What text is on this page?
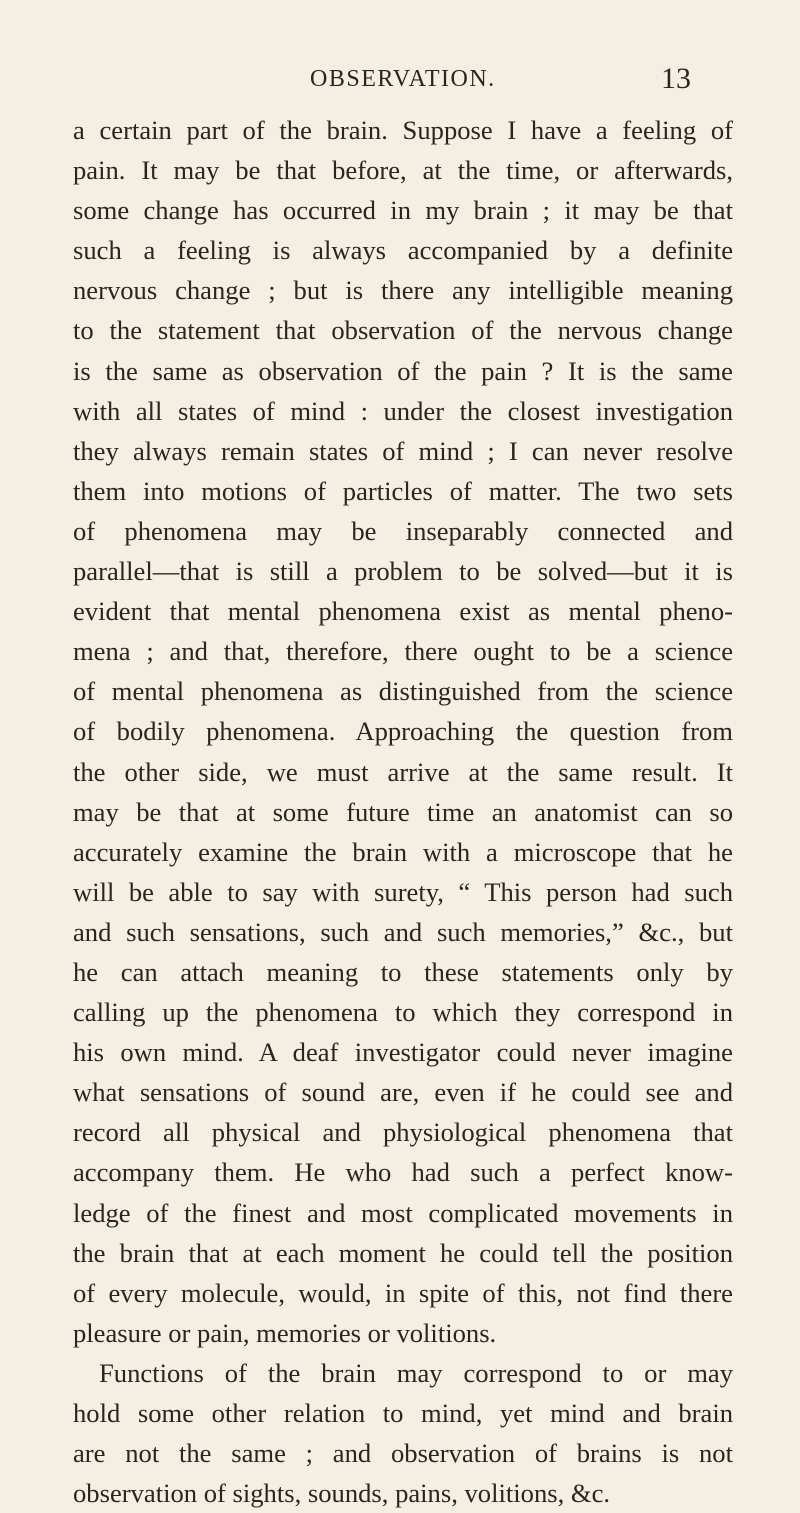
OBSERVATION.	13
a certain part of the brain. Suppose I have a feeling of
pain. It may be that before, at the time, or afterwards,
some change has occurred in my brain ; it may be that
such a feeling is always accompanied by a definite
nervous change ; but is there any intelligible meaning
to the statement that observation of the nervous change
is the same as observation of the pain ? It is the same
with all states of mind : under the closest investigation
they always remain states of mind ; I can never resolve
them into motions of particles of matter. The two sets
of phenomena may be inseparably connected and
parallel—that is still a problem to be solved—but it is
evident that mental phenomena exist as mental pheno-
mena ; and that, therefore, there ought to be a science
of mental phenomena as distinguished from the science
of bodily phenomena. Approaching the question from
the other side, we must arrive at the same result. It
may be that at some future time an anatomist can so
accurately examine the brain with a microscope that he
will be able to say with surety, “ This person had such
and such sensations, such and such memories,” &c., but
he can attach meaning to these statements only by
calling up the phenomena to which they correspond in
his own mind. A deaf investigator could never imagine
what sensations of sound are, even if he could see and
record all physical and physiological phenomena that
accompany them. He who had such a perfect know-
ledge of the finest and most complicated movements in
the brain that at each moment he could tell the position
of every molecule, would, in spite of this, not find there
pleasure or pain, memories or volitions.
Functions of the brain may correspond to or may
hold some other relation to mind, yet mind and brain
are not the same ; and observation of brains is not
observation of sights, sounds, pains, volitions, &c.
